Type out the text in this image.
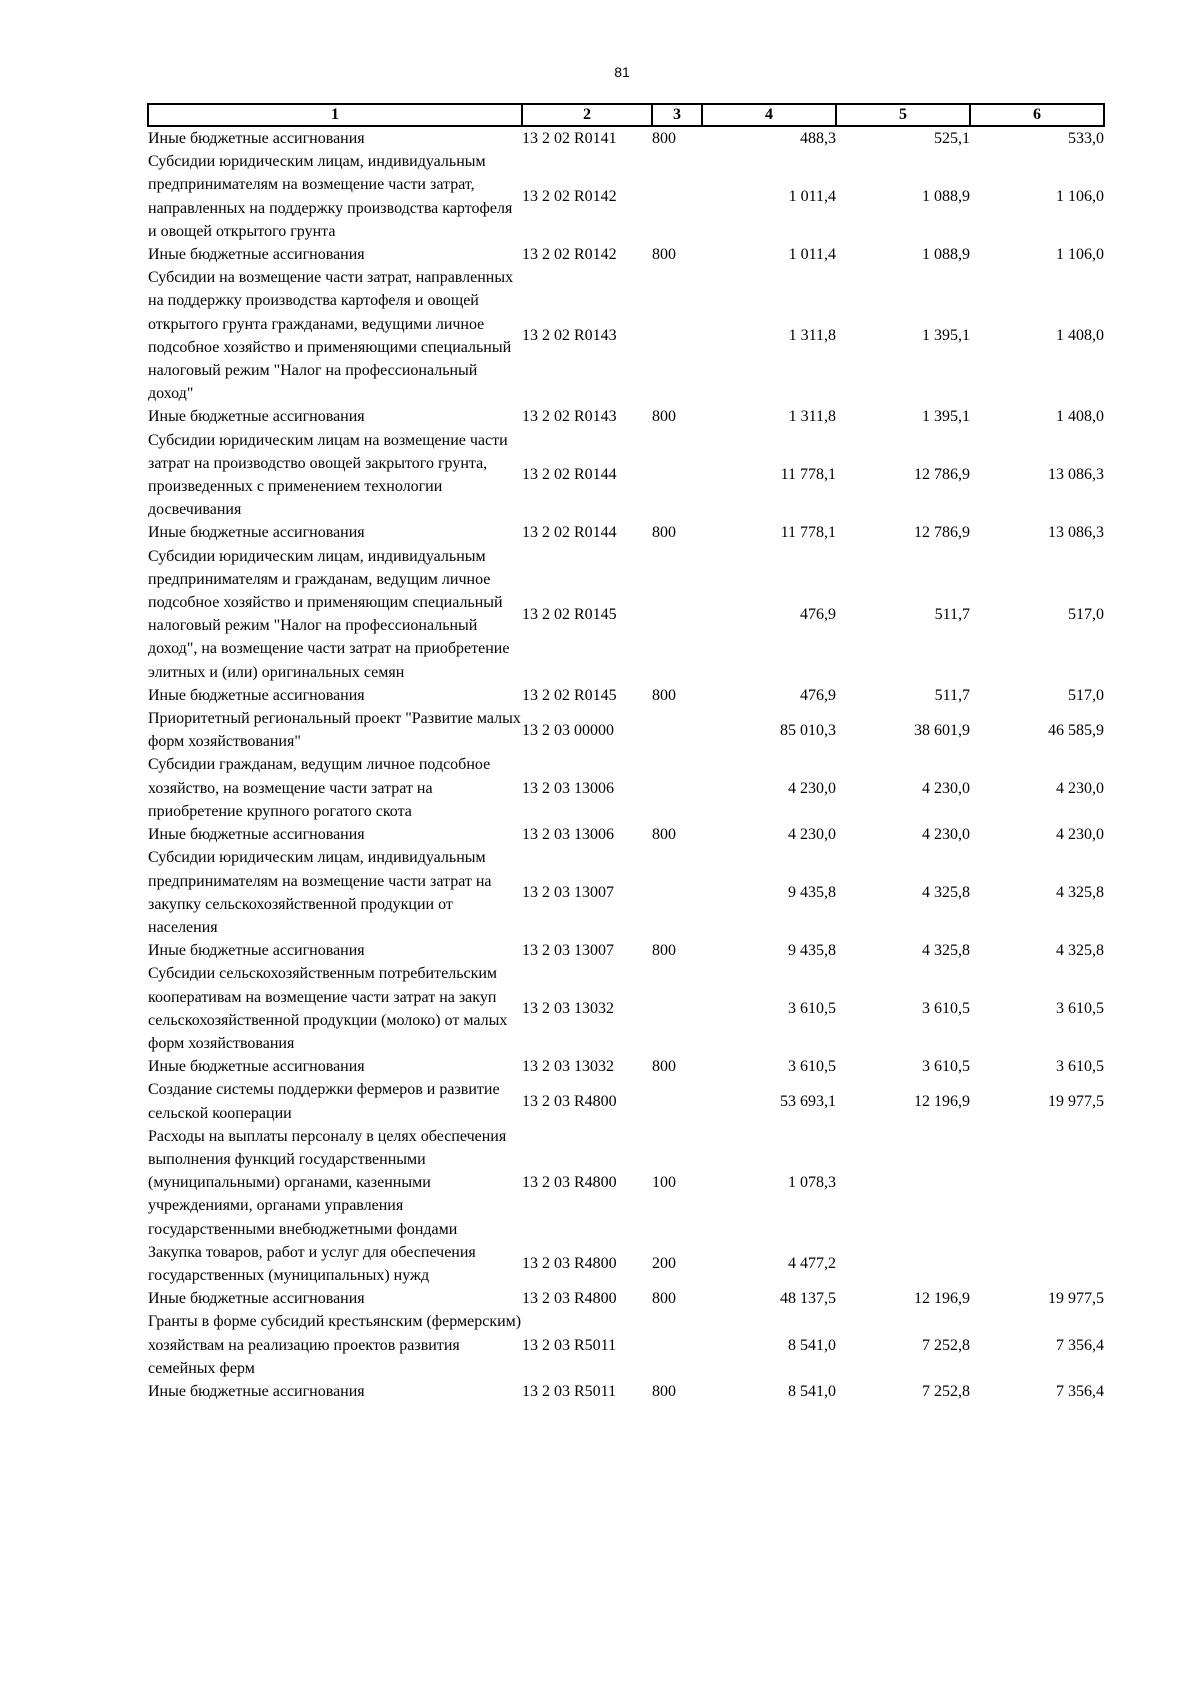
81
1	2	3	4	5	6
Иные бюджетные ассигнования	13 2 02 R0141	800	488,3	525,1	533,0
Субсидии юридическим лицам, индивидуальным предпринимателям на возмещение части затрат, направленных на поддержку производства картофеля и овощей открытого грунта	13 2 02 R0142		1 011,4	1 088,9	1 106,0
Иные бюджетные ассигнования	13 2 02 R0142	800	1 011,4	1 088,9	1 106,0
Субсидии на возмещение части затрат, направленных на поддержку производства картофеля и овощей открытого грунта гражданами, ведущими личное подсобное хозяйство и применяющими специальный налоговый режим "Налог на профессиональный доход"	13 2 02 R0143		1 311,8	1 395,1	1 408,0
Иные бюджетные ассигнования	13 2 02 R0143	800	1 311,8	1 395,1	1 408,0
Субсидии юридическим лицам на возмещение части затрат на производство овощей закрытого грунта, произведенных с применением технологии досвечивания	13 2 02 R0144		11 778,1	12 786,9	13 086,3
Иные бюджетные ассигнования	13 2 02 R0144	800	11 778,1	12 786,9	13 086,3
Субсидии юридическим лицам, индивидуальным предпринимателям и гражданам, ведущим личное подсобное хозяйство и применяющим специальный налоговый режим "Налог на профессиональный доход", на возмещение части затрат на приобретение элитных и (или) оригинальных семян	13 2 02 R0145		476,9	511,7	517,0
Иные бюджетные ассигнования	13 2 02 R0145	800	476,9	511,7	517,0
Приоритетный региональный проект "Развитие малых форм хозяйствования"	13 2 03 00000		85 010,3	38 601,9	46 585,9
Субсидии гражданам, ведущим личное подсобное хозяйство, на возмещение части затрат на приобретение крупного рогатого скота	13 2 03 13006		4 230,0	4 230,0	4 230,0
Иные бюджетные ассигнования	13 2 03 13006	800	4 230,0	4 230,0	4 230,0
Субсидии юридическим лицам, индивидуальным предпринимателям на возмещение части затрат на закупку сельскохозяйственной продукции от населения	13 2 03 13007		9 435,8	4 325,8	4 325,8
Иные бюджетные ассигнования	13 2 03 13007	800	9 435,8	4 325,8	4 325,8
Субсидии сельскохозяйственным потребительским кооперативам на возмещение части затрат на закуп сельскохозяйственной продукции (молоко) от малых форм хозяйствования	13 2 03 13032		3 610,5	3 610,5	3 610,5
Иные бюджетные ассигнования	13 2 03 13032	800	3 610,5	3 610,5	3 610,5
Создание системы поддержки фермеров и развитие сельской кооперации	13 2 03 R4800		53 693,1	12 196,9	19 977,5
Расходы на выплаты персоналу в целях обеспечения выполнения функций государственными (муниципальными) органами, казенными учреждениями, органами управления государственными внебюджетными фондами	13 2 03 R4800	100	1 078,3		
Закупка товаров, работ и услуг для обеспечения государственных (муниципальных) нужд	13 2 03 R4800	200	4 477,2		
Иные бюджетные ассигнования	13 2 03 R4800	800	48 137,5	12 196,9	19 977,5
Гранты в форме субсидий крестьянским (фермерским) хозяйствам на реализацию проектов развития семейных ферм	13 2 03 R5011		8 541,0	7 252,8	7 356,4
Иные бюджетные ассигнования	13 2 03 R5011	800	8 541,0	7 252,8	7 356,4
